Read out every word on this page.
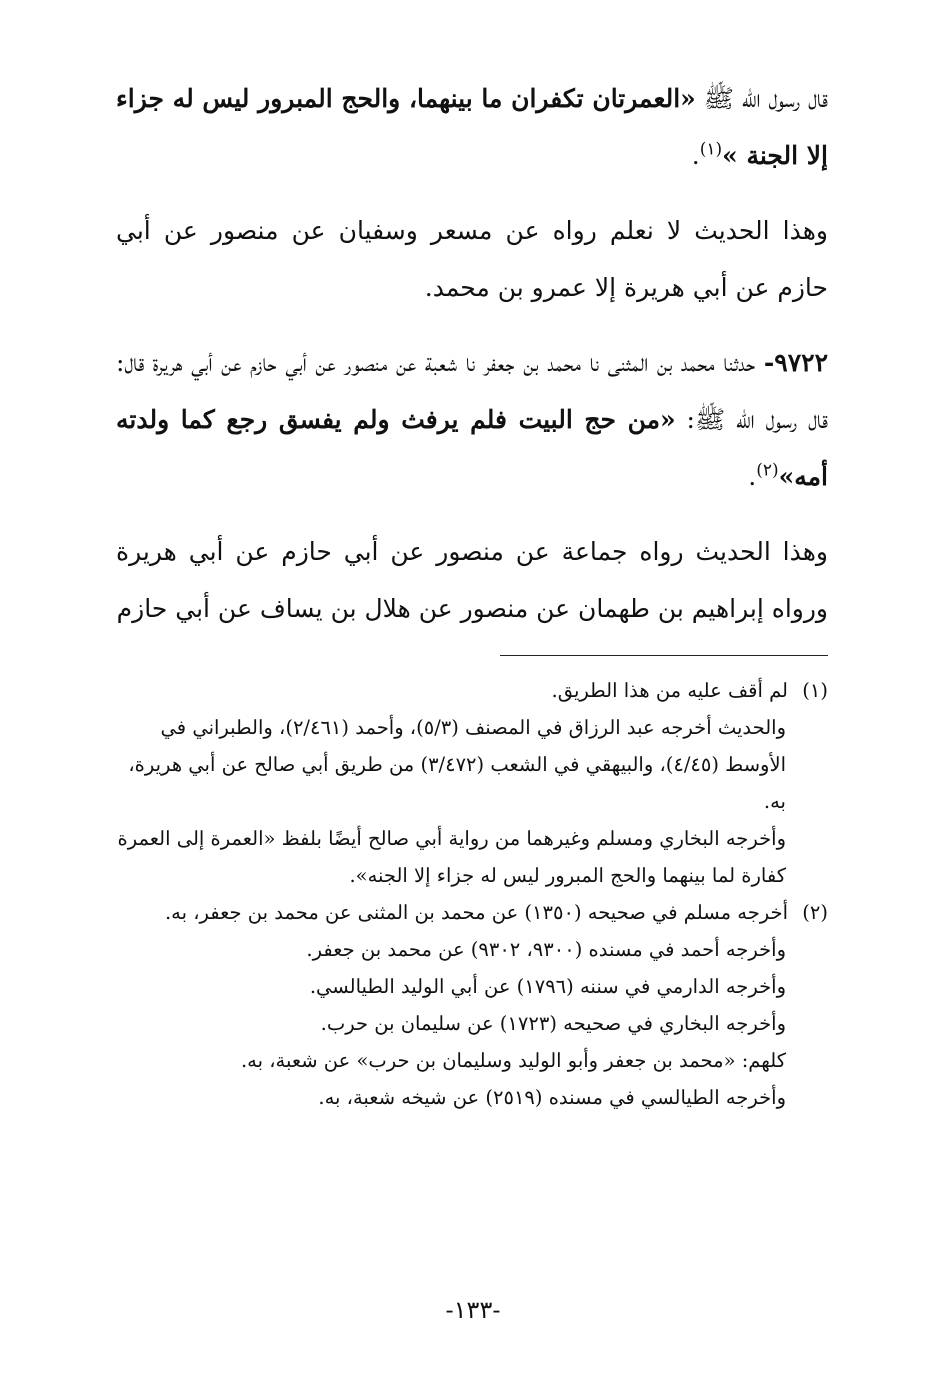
قال رسول الله ﷺ «العمرتان تكفران ما بينهما، والحج المبرور ليس له جزاء إلا الجنة »$^{(١)}$.

وهذا الحديث لا نعلم رواه عن مسعر وسفيان عن منصور عن أبي حازم عن أبي هريرة إلا عمرو بن محمد.

٩٧٢٢- حدثنا محمد بن المثنى نا محمد بن جعفر نا شعبة عن منصور عن أبي حازم عن أبي هريرة قال: قال رسول الله ﷺ: «من حج البيت فلم يرفث ولم يفسق رجع كما ولدته أمه»$^{(٢)}$.

وهذا الحديث رواه جماعة عن منصور عن أبي حازم عن أبي هريرة ورواه إبراهيم بن طهمان عن منصور عن هلال بن يساف عن أبي حازم

(١)لم أقف عليه من هذا الطريق.

والحديث أخرجه عبد الرزاق في المصنف (٥/٣)، وأحمد (٢/٤٦١)، والطبراني في الأوسط (٤/٤٥)، والبيهقي في الشعب (٣/٤٧٢) من طريق أبي صالح عن أبي هريرة، به.

وأخرجه البخاري ومسلم وغيرهما من رواية أبي صالح أيضًا بلفظ «العمرة إلى العمرة كفارة لما بينهما والحج المبرور ليس له جزاء إلا الجنه».

(٢)أخرجه مسلم في صحيحه (١٣٥٠) عن محمد بن المثنى عن محمد بن جعفر، به.

وأخرجه أحمد في مسنده (٩٣٠٠، ٩٣٠٢) عن محمد بن جعفر.

وأخرجه الدارمي في سننه (١٧٩٦) عن أبي الوليد الطيالسي.

وأخرجه البخاري في صحيحه (١٧٢٣) عن سليمان بن حرب.

كلهم: «محمد بن جعفر وأبو الوليد وسليمان بن حرب» عن شعبة، به.

وأخرجه الطيالسي في مسنده (٢٥١٩) عن شيخه شعبة، به.

-١٣٣-
